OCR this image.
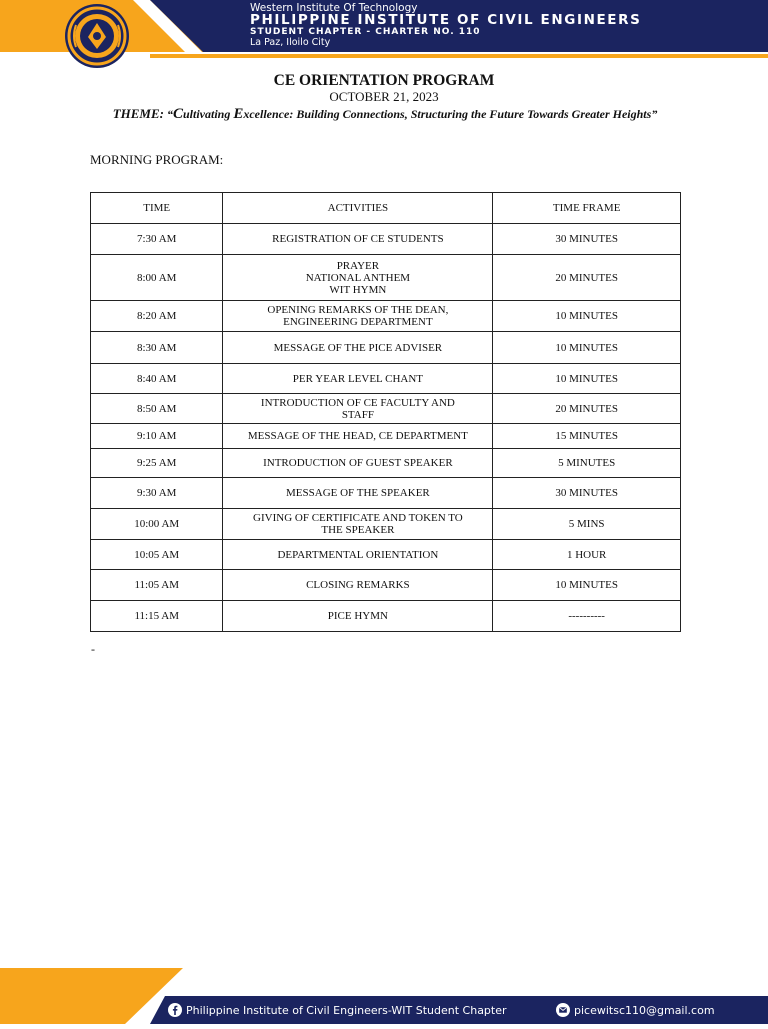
Western Institute Of Technology
PHILIPPINE INSTITUTE OF CIVIL ENGINEERS
STUDENT CHAPTER - CHARTER NO. 110
La Paz, Iloilo City
CE ORIENTATION PROGRAM
OCTOBER 21, 2023
THEME: “Cultivating Excellence: Building Connections, Structuring the Future Towards Greater Heights”
MORNING PROGRAM:
TIME	ACTIVITIES	TIME FRAME
7:30 AM	REGISTRATION OF CE STUDENTS	30 MINUTES
8:00 AM	PRAYER
NATIONAL ANTHEM
WIT HYMN	20 MINUTES
8:20 AM	OPENING REMARKS OF THE DEAN,
ENGINEERING DEPARTMENT	10 MINUTES
8:30 AM	MESSAGE OF THE PICE ADVISER	10 MINUTES
8:40 AM	PER YEAR LEVEL CHANT	10 MINUTES
8:50 AM	INTRODUCTION OF CE FACULTY AND
STAFF	20 MINUTES
9:10 AM	MESSAGE OF THE HEAD, CE DEPARTMENT	15 MINUTES
9:25 AM	INTRODUCTION OF GUEST SPEAKER	5 MINUTES
9:30 AM	MESSAGE OF THE SPEAKER	30 MINUTES
10:00 AM	GIVING OF CERTIFICATE AND TOKEN TO
THE SPEAKER	5 MINS
10:05 AM	DEPARTMENTAL ORIENTATION	1 HOUR
11:05 AM	CLOSING REMARKS	10 MINUTES
11:15 AM	PICE HYMN	----------
-
Philippine Institute of Civil Engineers-WIT Student Chapter	picewitsc110@gmail.com
